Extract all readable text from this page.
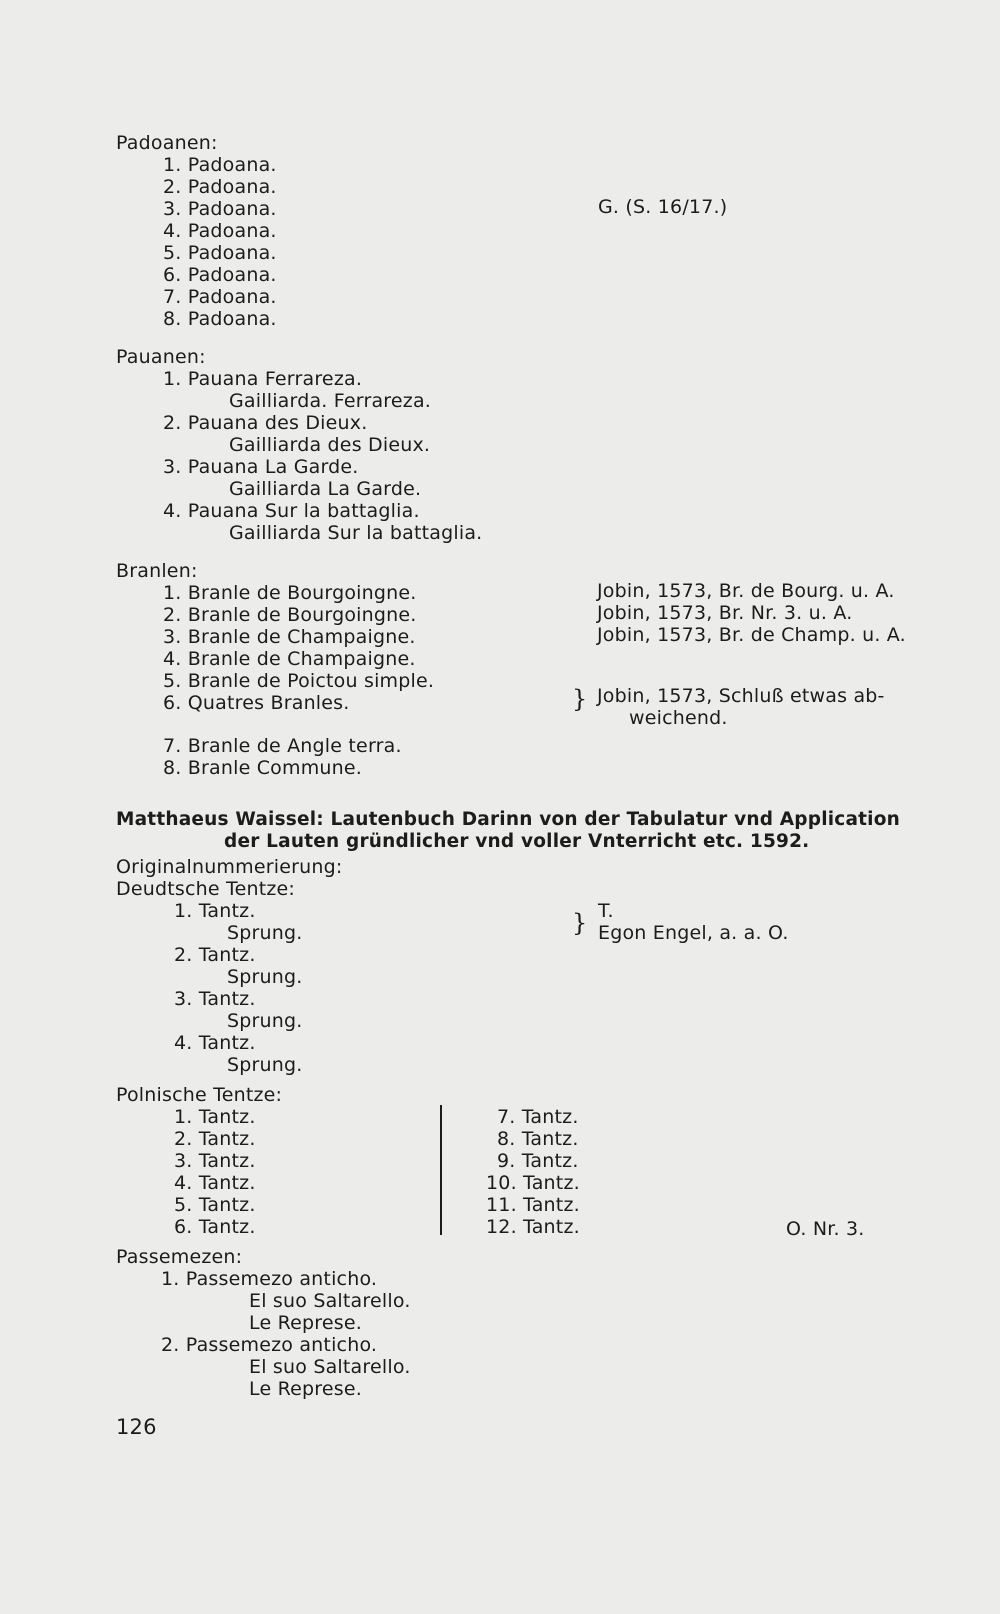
Padoanen:
1. Padoana.
2. Padoana.
3. Padoana.
4. Padoana.
5. Padoana.
6. Padoana.
7. Padoana.
8. Padoana.
G. (S. 16/17.)
Pauanen:
1. Pauana Ferrareza.
Gailliarda. Ferrareza.
2. Pauana des Dieux.
Gailliarda des Dieux.
3. Pauana La Garde.
Gailliarda La Garde.
4. Pauana Sur la battaglia.
Gailliarda Sur la battaglia.
Branlen:
1. Branle de Bourgoingne.
2. Branle de Bourgoingne.
3. Branle de Champaigne.
4. Branle de Champaigne.
5. Branle de Poictou simple.
6. Quatres Branles.
7. Branle de Angle terra.
8. Branle Commune.
Jobin, 1573, Br. de Bourg. u. A.
Jobin, 1573, Br. Nr. 3. u. A.
Jobin, 1573, Br. de Champ. u. A.
} Jobin, 1573, Schluß etwas ab-
weichend.
Matthaeus Waissel: Lautenbuch Darinn von der Tabulatur vnd Application
der Lauten gründlicher vnd voller Vnterricht etc. 1592.
Originalnummerierung:
Deudtsche Tentze:
1. Tantz.
Sprung.
2. Tantz.
Sprung.
3. Tantz.
Sprung.
4. Tantz.
Sprung.
} T.
Egon Engel, a. a. O.
Polnische Tentze:
1. Tantz.
2. Tantz.
3. Tantz.
4. Tantz.
5. Tantz.
6. Tantz.
7. Tantz.
8. Tantz.
9. Tantz.
10. Tantz.
11. Tantz.
12. Tantz.	O. Nr. 3.
Passemezen:
1. Passemezo anticho.
El suo Saltarello.
Le Represe.
2. Passemezo anticho.
El suo Saltarello.
Le Represe.
126
